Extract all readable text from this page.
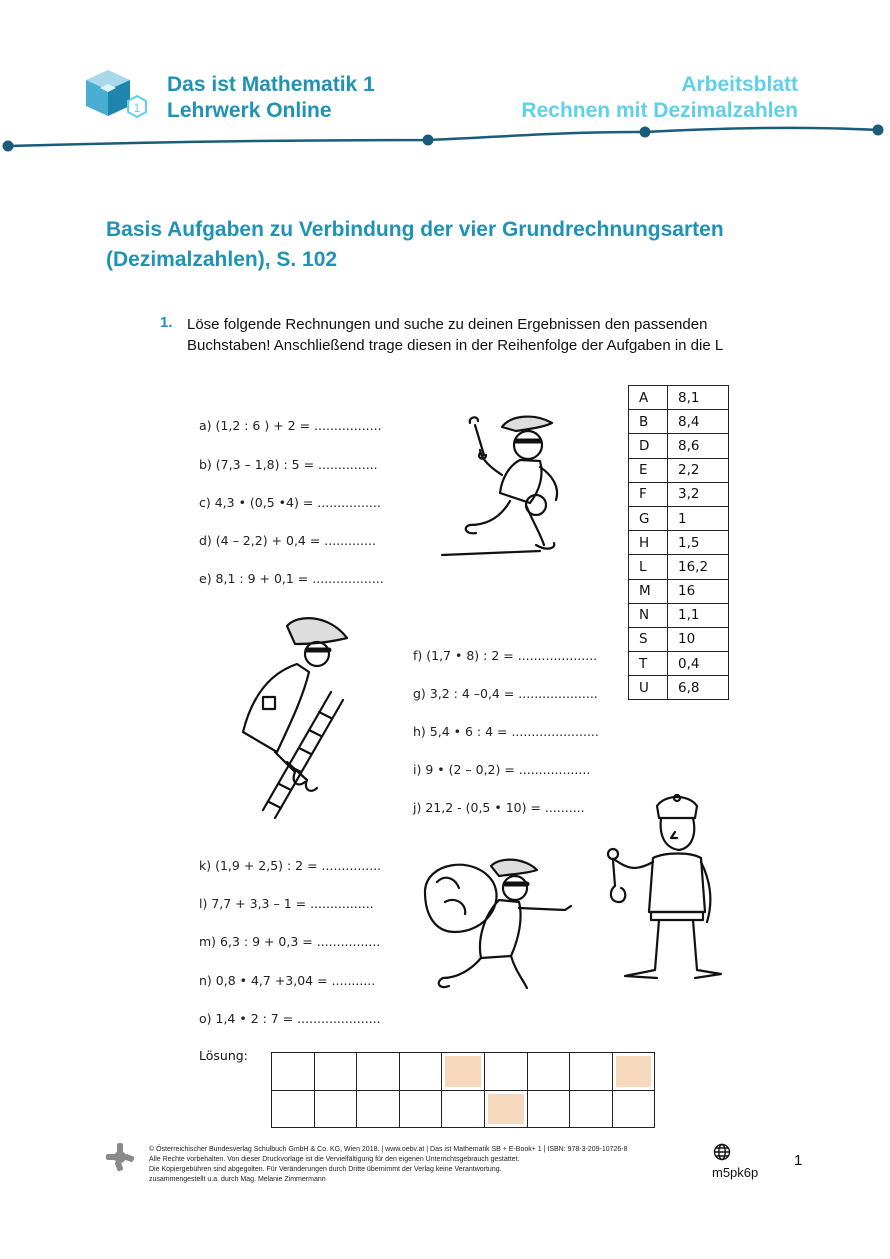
1
Das ist Mathematik 1
Lehrwerk Online
Arbeitsblatt
Rechnen mit Dezimalzahlen
Basis Aufgaben zu Verbindung der vier Grundrechnungsarten (Dezimalzahlen), S. 102
1. Löse folgende Rechnungen und suche zu deinen Ergebnissen den passenden Buchstaben! Anschließend trage diesen in der Reihenfolge der Aufgaben in die L
a) (1,2 : 6 ) + 2 = .................
b) (7,3 – 1,8) : 5 = ...............
c) 4,3 • (0,5 •4) = ................
d) (4 – 2,2) + 0,4 = .............
e) 8,1 : 9 + 0,1 = ..................
f) (1,7 • 8) : 2 = ....................
g) 3,2 : 4 –0,4 = ....................
h) 5,4 • 6 : 4 = ......................
i) 9 • (2 – 0,2) = ..................
j) 21,2 - (0,5 • 10) = ..........
k) (1,9 + 2,5) : 2 = ...............
l) 7,7 + 3,3 – 1 = ................
m) 6,3 : 9 + 0,3 = ................
n) 0,8 • 4,7 +3,04 = ...........
o) 1,4 • 2 : 7 = .....................
A	8,1
B	8,4
D	8,6
E	2,2
F	3,2
G	1
H	1,5
L	16,2
M	16
N	1,1
S	10
T	0,4
U	6,8
Lösung:
© Österreichischer Bundesverlag Schulbuch GmbH & Co. KG, Wien 2018. | www.oebv.at | Das ist Mathematik SB + E-Book+ 1 | ISBN: 978-3-209-10726-8
Alle Rechte vorbehalten. Von dieser Druckvorlage ist die Vervielfältigung für den eigenen Unterrichtsgebrauch gestattet.
Die Kopiergebühren sind abgegolten. Für Veränderungen durch Dritte übernimmt der Verlag keine Verantwortung.
zusammengestellt u.a. durch Mag. Melanie Zimmermann	m5pk6p
1
